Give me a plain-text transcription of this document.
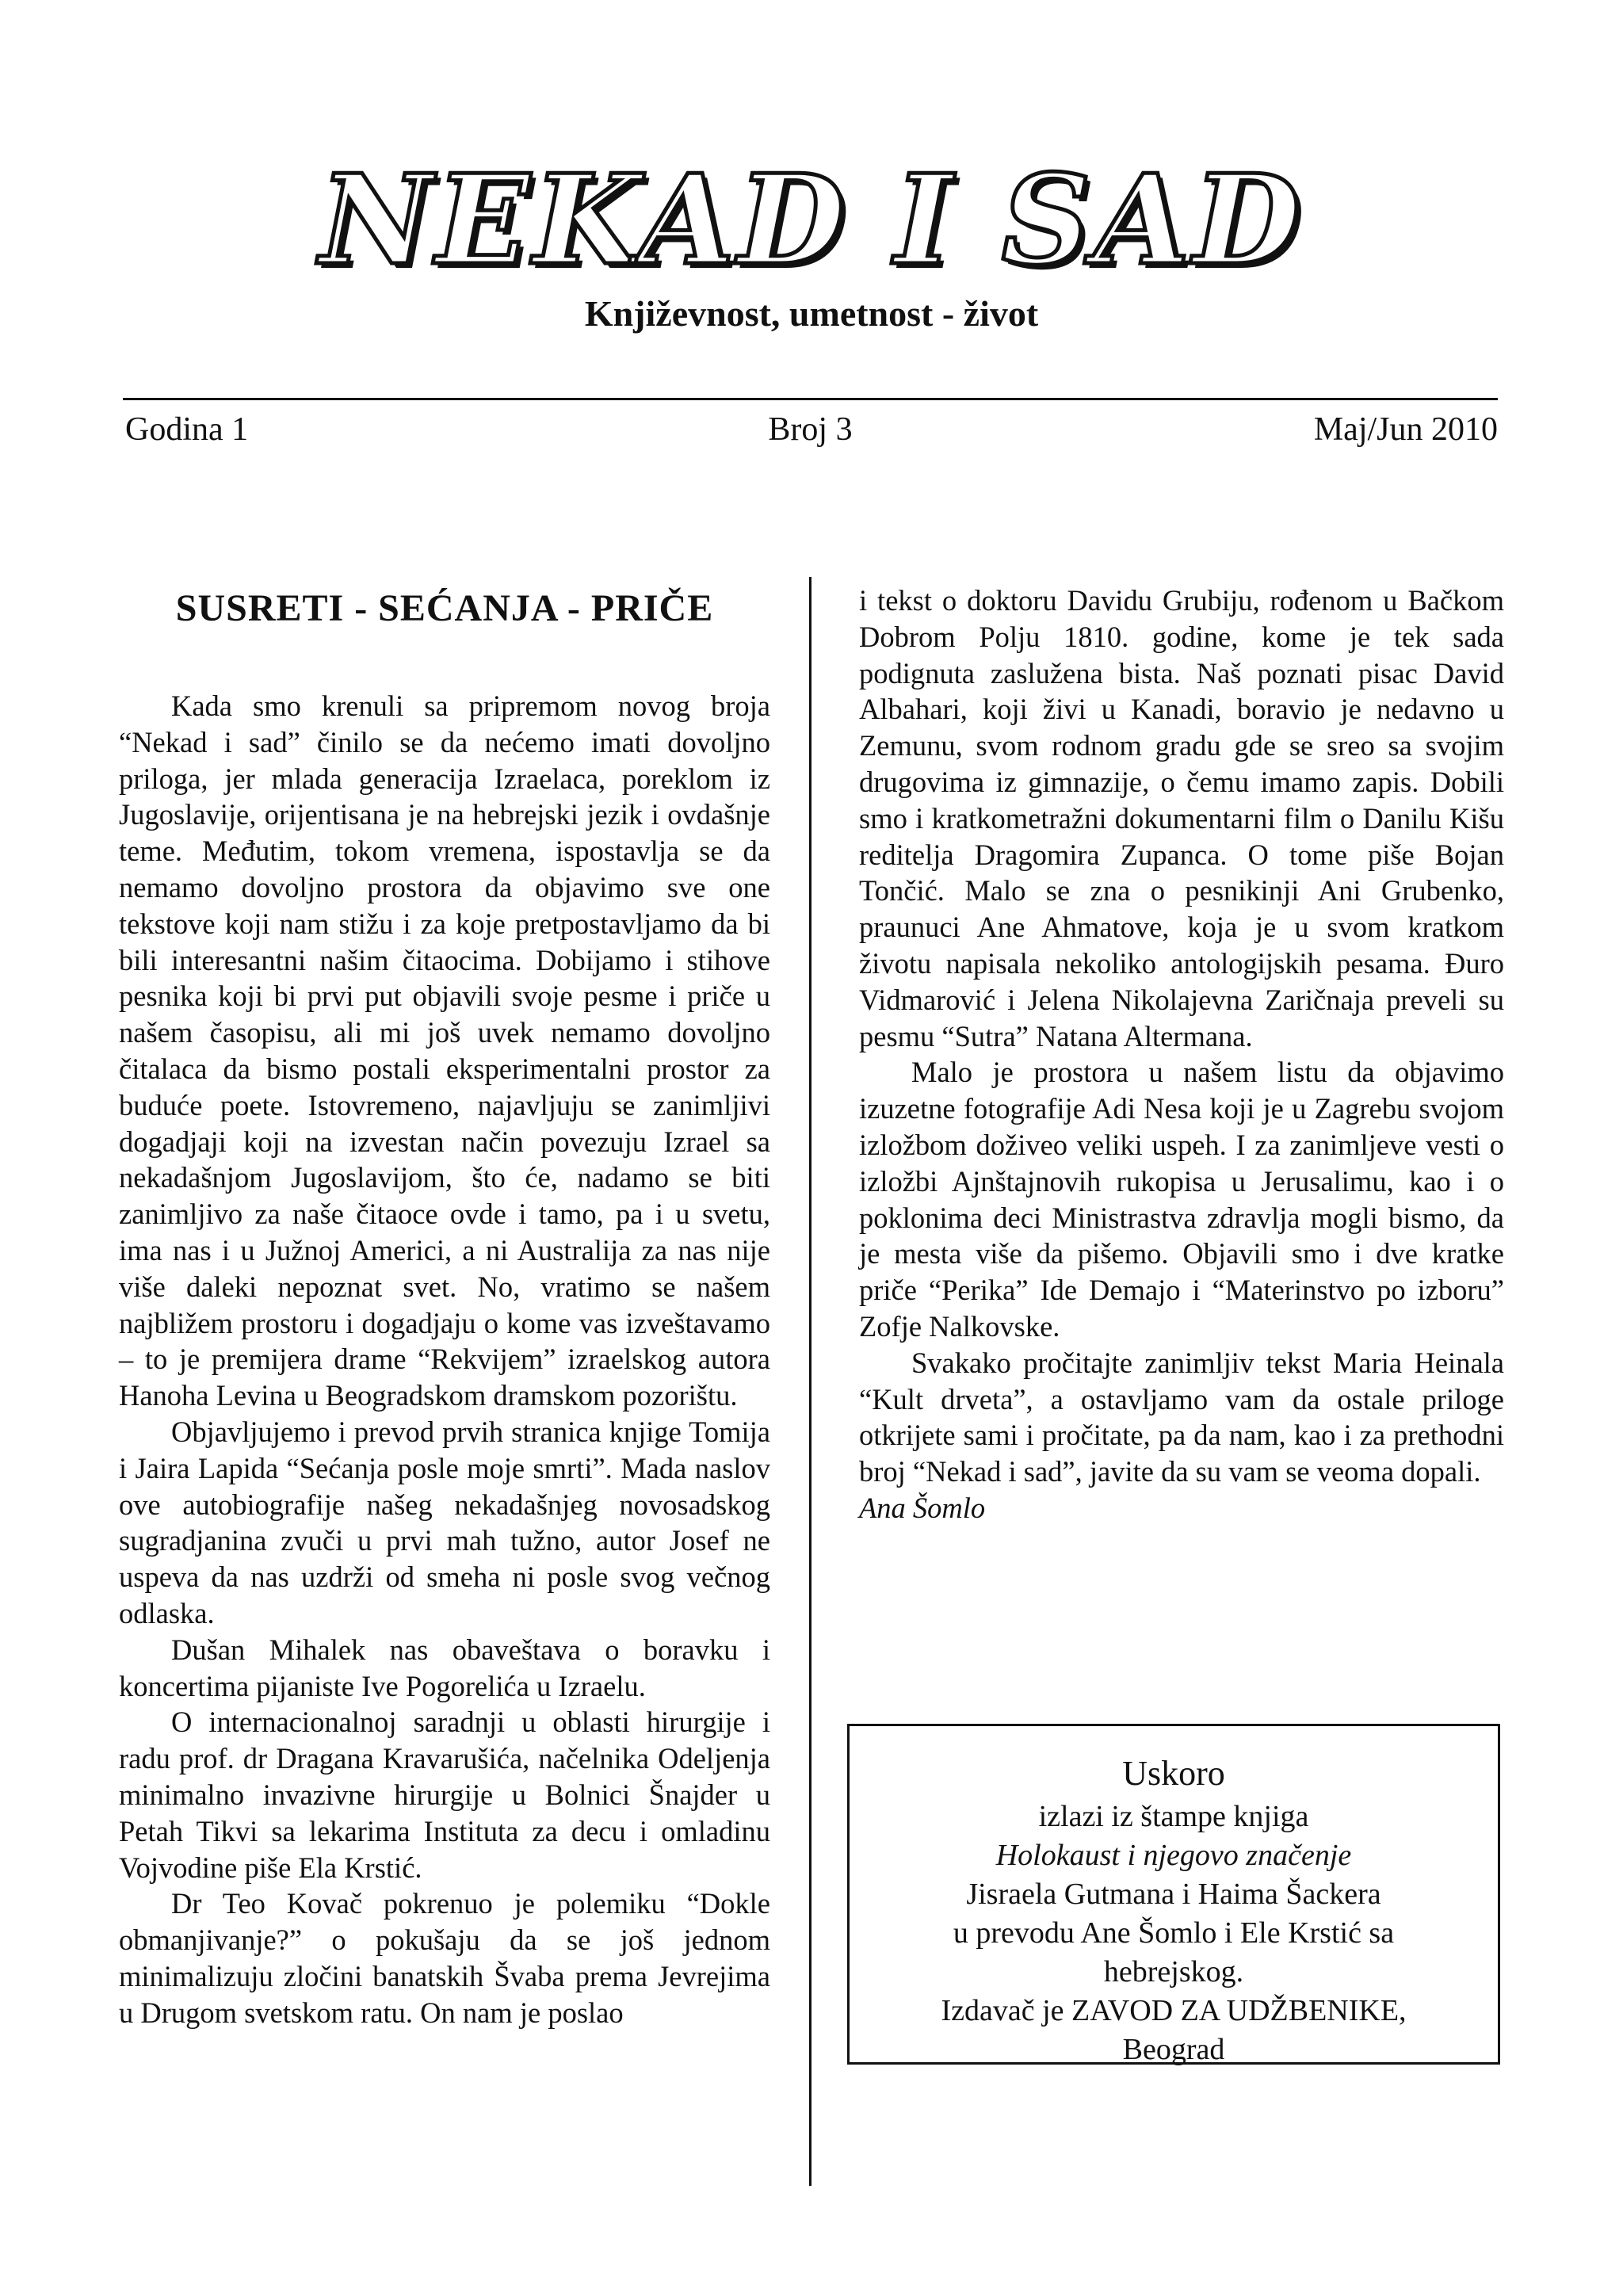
NEKAD I SAD
Književnost, umetnost - život
Godina 1	Broj 3	Maj/Jun 2010
SUSRETI - SEĆANJA - PRIČE

Kada smo krenuli sa pripremom novog broja “Nekad i sad” činilo se da nećemo imati dovoljno priloga, jer mlada generacija Izraelaca, poreklom iz Jugoslavije, orijentisana je na hebrejski jezik i ovdašnje teme. Međutim, tokom vremena, ispostavlja se da nemamo dovoljno prostora da objavimo sve one tekstove koji nam stižu i za koje pretpostavljamo da bi bili interesantni našim čitaocima. Dobijamo i stihove pesnika koji bi prvi put objavili svoje pesme i priče u našem časopisu, ali mi još uvek nemamo dovoljno čitalaca da bismo postali eksperimentalni prostor za buduće poete. Istovremeno, najavljuju se zanimljivi dogadjaji koji na izvestan način povezuju Izrael sa nekadašnjom Jugoslavijom, što će, nadamo se biti zanimljivo za naše čitaoce ovde i tamo, pa i u svetu, ima nas i u Južnoj Americi, a ni Australija za nas nije više daleki nepoznat svet. No, vratimo se našem najbližem prostoru i dogadjaju o kome vas izveštavamo – to je premijera drame “Rekvijem” izraelskog autora Hanoha Levina u Beogradskom dramskom pozorištu.

Objavljujemo i prevod prvih stranica knjige Tomija i Jaira Lapida “Sećanja posle moje smrti”. Mada naslov ove autobiografije našeg nekadašnjeg novosadskog sugradjanina zvuči u prvi mah tužno, autor Josef ne uspeva da nas uzdrži od smeha ni posle svog večnog odlaska.

Dušan Mihalek nas obaveštava o boravku i koncertima pijaniste Ive Pogorelića u Izraelu.

O internacionalnoj saradnji u oblasti hirurgije i radu prof. dr Dragana Kravarušića, načelnika Odeljenja minimalno invazivne hirurgije u Bolnici Šnajder u Petah Tikvi sa lekarima Instituta za decu i omladinu Vojvodine piše Ela Krstić.

Dr Teo Kovač pokrenuo je polemiku “Dokle obmanjivanje?” o pokušaju da se još jednom minimalizuju zločini banatskih Švaba prema Jevrejima u Drugom svetskom ratu. On nam je poslao

i tekst o doktoru Davidu Grubiju, rođenom u Bačkom Dobrom Polju 1810. godine, kome je tek sada podignuta zaslužena bista. Naš poznati pisac David Albahari, koji živi u Kanadi, boravio je nedavno u Zemunu, svom rodnom gradu gde se sreo sa svojim drugovima iz gimnazije, o čemu imamo zapis. Dobili smo i kratkometražni dokumentarni film o Danilu Kišu reditelja Dragomira Zupanca. O tome piše Bojan Tončić. Malo se zna o pesnikinji Ani Grubenko, praunuci Ane Ahmatove, koja je u svom kratkom životu napisala nekoliko antologijskih pesama. Đuro Vidmarović i Jelena Nikolajevna Zaričnaja preveli su pesmu “Sutra” Natana Altermana.

Malo je prostora u našem listu da objavimo izuzetne fotografije Adi Nesa koji je u Zagrebu svojom izložbom doživeo veliki uspeh. I za zanimljeve vesti o izložbi Ajnštajnovih rukopisa u Jerusalimu, kao i o poklonima deci Ministrastva zdravlja mogli bismo, da je mesta više da pišemo. Objavili smo i dve kratke priče “Perika” Ide Demajo i “Materinstvo po izboru” Zofje Nalkovske.

Svakako pročitajte zanimljiv tekst Maria Heinala “Kult drveta”, a ostavljamo vam da ostale priloge otkrijete sami i pročitate, pa da nam, kao i za prethodni broj “Nekad i sad”, javite da su vam se veoma dopali.

Ana Šomlo

Uskoro
izlazi iz štampe knjiga
Holokaust i njegovo značenje
Jisraela Gutmana i Haima Šackera
u prevodu Ane Šomlo i Ele Krstić sa hebrejskog.
Izdavač je ZAVOD ZA UDŽBENIKE, Beograd
